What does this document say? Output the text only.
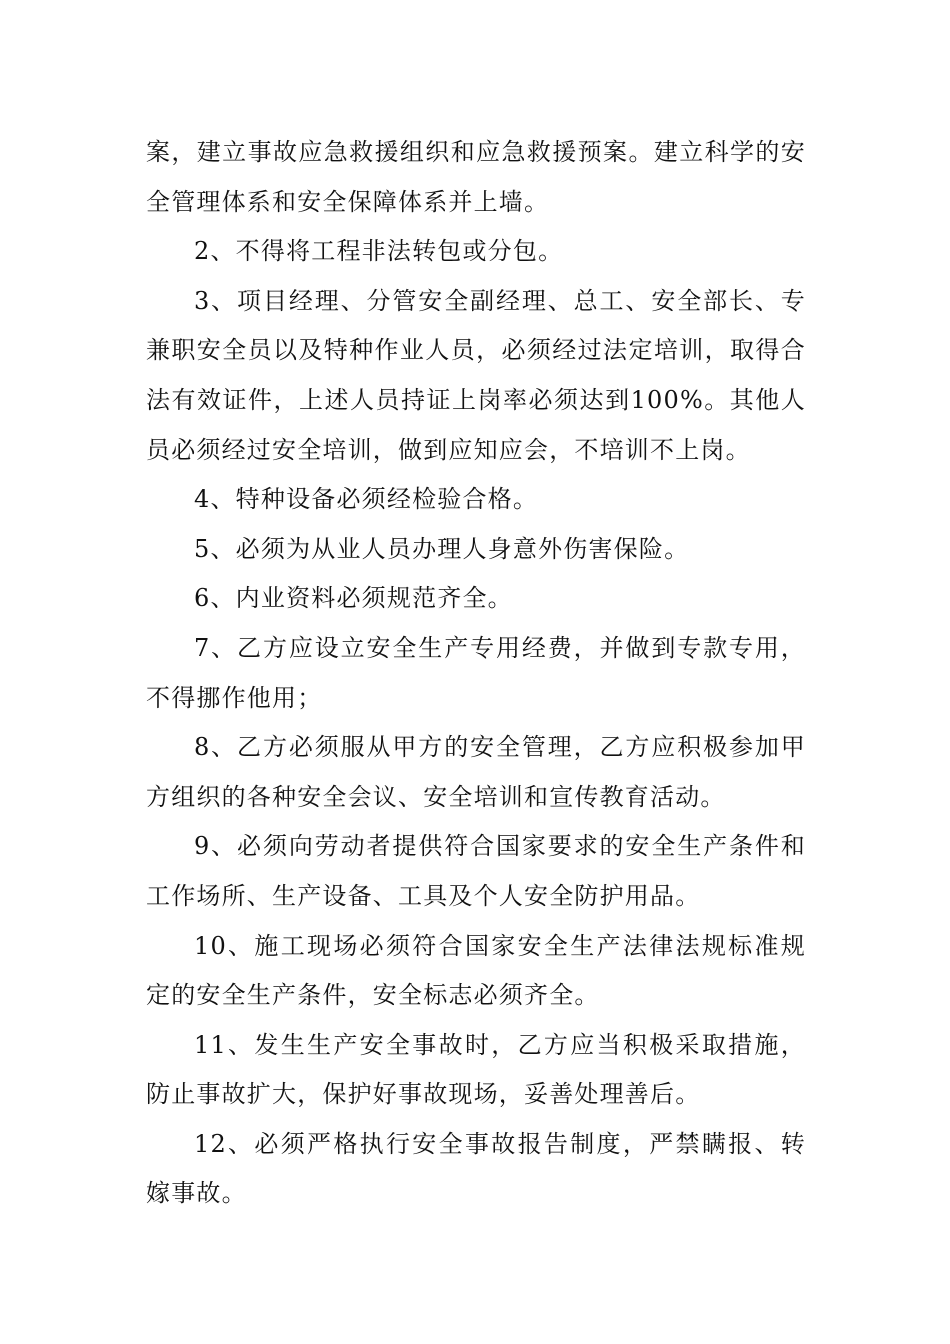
案，建立事故应急救援组织和应急救援预案。建立科学的安全管理体系和安全保障体系并上墙。

2、不得将工程非法转包或分包。

3、项目经理、分管安全副经理、总工、安全部长、专兼职安全员以及特种作业人员，必须经过法定培训，取得合法有效证件，上述人员持证上岗率必须达到100%。其他人员必须经过安全培训，做到应知应会，不培训不上岗。

4、特种设备必须经检验合格。

5、必须为从业人员办理人身意外伤害保险。

6、内业资料必须规范齐全。

7、乙方应设立安全生产专用经费，并做到专款专用，不得挪作他用；

8、乙方必须服从甲方的安全管理，乙方应积极参加甲方组织的各种安全会议、安全培训和宣传教育活动。

9、必须向劳动者提供符合国家要求的安全生产条件和工作场所、生产设备、工具及个人安全防护用品。

10、施工现场必须符合国家安全生产法律法规标准规定的安全生产条件，安全标志必须齐全。

11、发生生产安全事故时，乙方应当积极采取措施，防止事故扩大，保护好事故现场，妥善处理善后。

12、必须严格执行安全事故报告制度，严禁瞒报、转嫁事故。
